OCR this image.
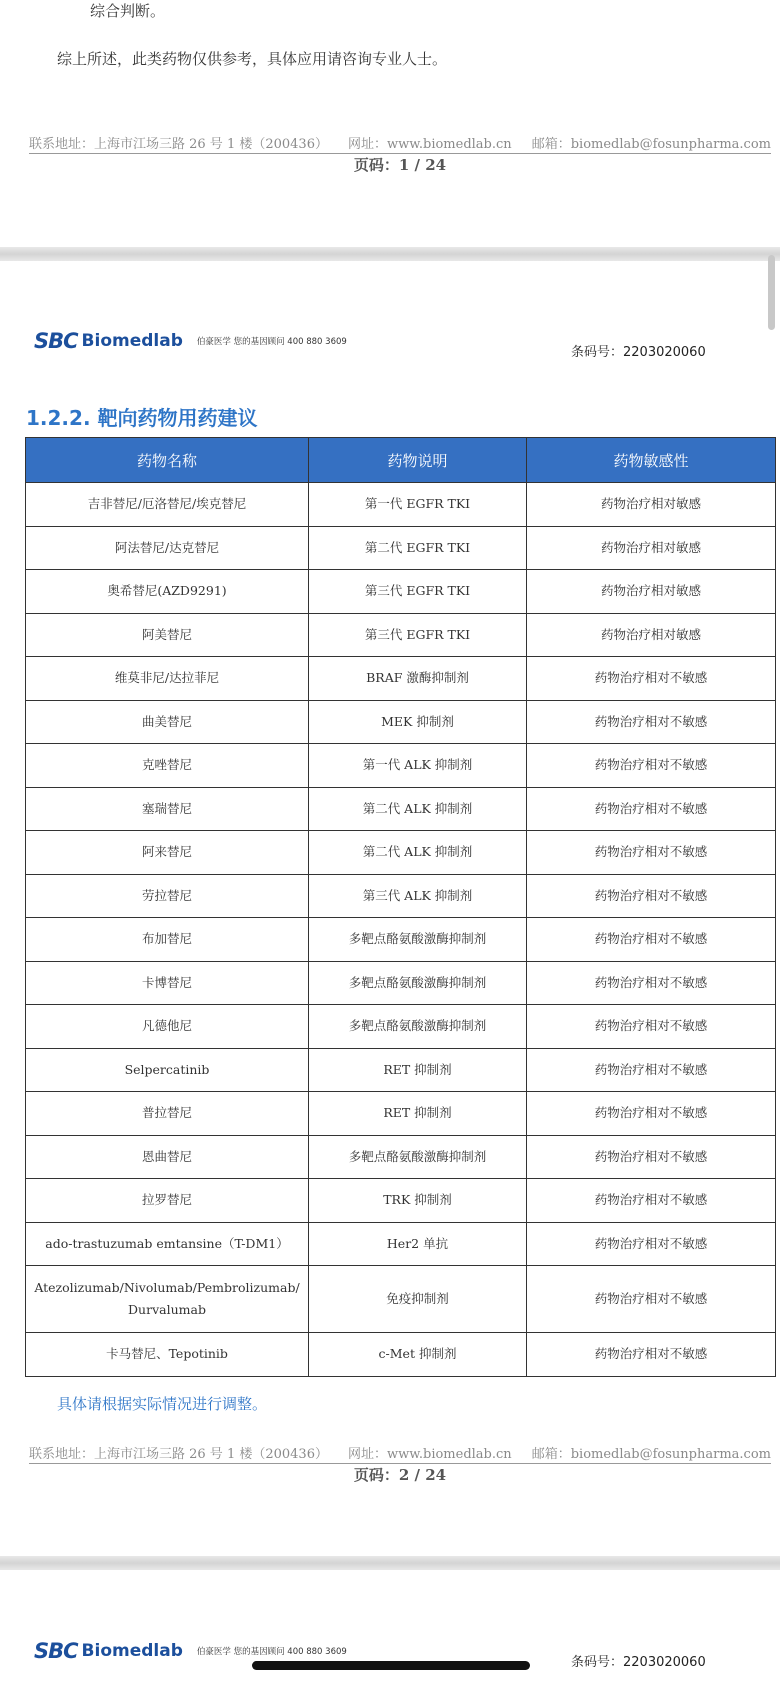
综合判断。
综上所述，此类药物仅供参考，具体应用请咨询专业人士。
联系地址：上海市江场三路 26 号 1 楼（200436） 网址：www.biomedlab.cn 邮箱：biomedlab@fosunpharma.com
页码：1 / 24
SBC Biomedlab 伯豪医学 您的基因顾问 400 880 3609
条码号：2203020060
1.2.2. 靶向药物用药建议
药物名称	药物说明	药物敏感性
吉非替尼/厄洛替尼/埃克替尼	第一代 EGFR TKI	药物治疗相对敏感
阿法替尼/达克替尼	第二代 EGFR TKI	药物治疗相对敏感
奥希替尼(AZD9291)	第三代 EGFR TKI	药物治疗相对敏感
阿美替尼	第三代 EGFR TKI	药物治疗相对敏感
维莫非尼/达拉菲尼	BRAF 激酶抑制剂	药物治疗相对不敏感
曲美替尼	MEK 抑制剂	药物治疗相对不敏感
克唑替尼	第一代 ALK 抑制剂	药物治疗相对不敏感
塞瑞替尼	第二代 ALK 抑制剂	药物治疗相对不敏感
阿来替尼	第二代 ALK 抑制剂	药物治疗相对不敏感
劳拉替尼	第三代 ALK 抑制剂	药物治疗相对不敏感
布加替尼	多靶点酪氨酸激酶抑制剂	药物治疗相对不敏感
卡博替尼	多靶点酪氨酸激酶抑制剂	药物治疗相对不敏感
凡德他尼	多靶点酪氨酸激酶抑制剂	药物治疗相对不敏感
Selpercatinib	RET 抑制剂	药物治疗相对不敏感
普拉替尼	RET 抑制剂	药物治疗相对不敏感
恩曲替尼	多靶点酪氨酸激酶抑制剂	药物治疗相对不敏感
拉罗替尼	TRK 抑制剂	药物治疗相对不敏感
ado-trastuzumab emtansine（T-DM1）	Her2 单抗	药物治疗相对不敏感
Atezolizumab/Nivolumab/Pembrolizumab/Durvalumab	免疫抑制剂	药物治疗相对不敏感
卡马替尼、Tepotinib	c-Met 抑制剂	药物治疗相对不敏感
具体请根据实际情况进行调整。
联系地址：上海市江场三路 26 号 1 楼（200436） 网址：www.biomedlab.cn 邮箱：biomedlab@fosunpharma.com
页码：2 / 24
SBC Biomedlab 伯豪医学 您的基因顾问 400 880 3609
条码号：2203020060
